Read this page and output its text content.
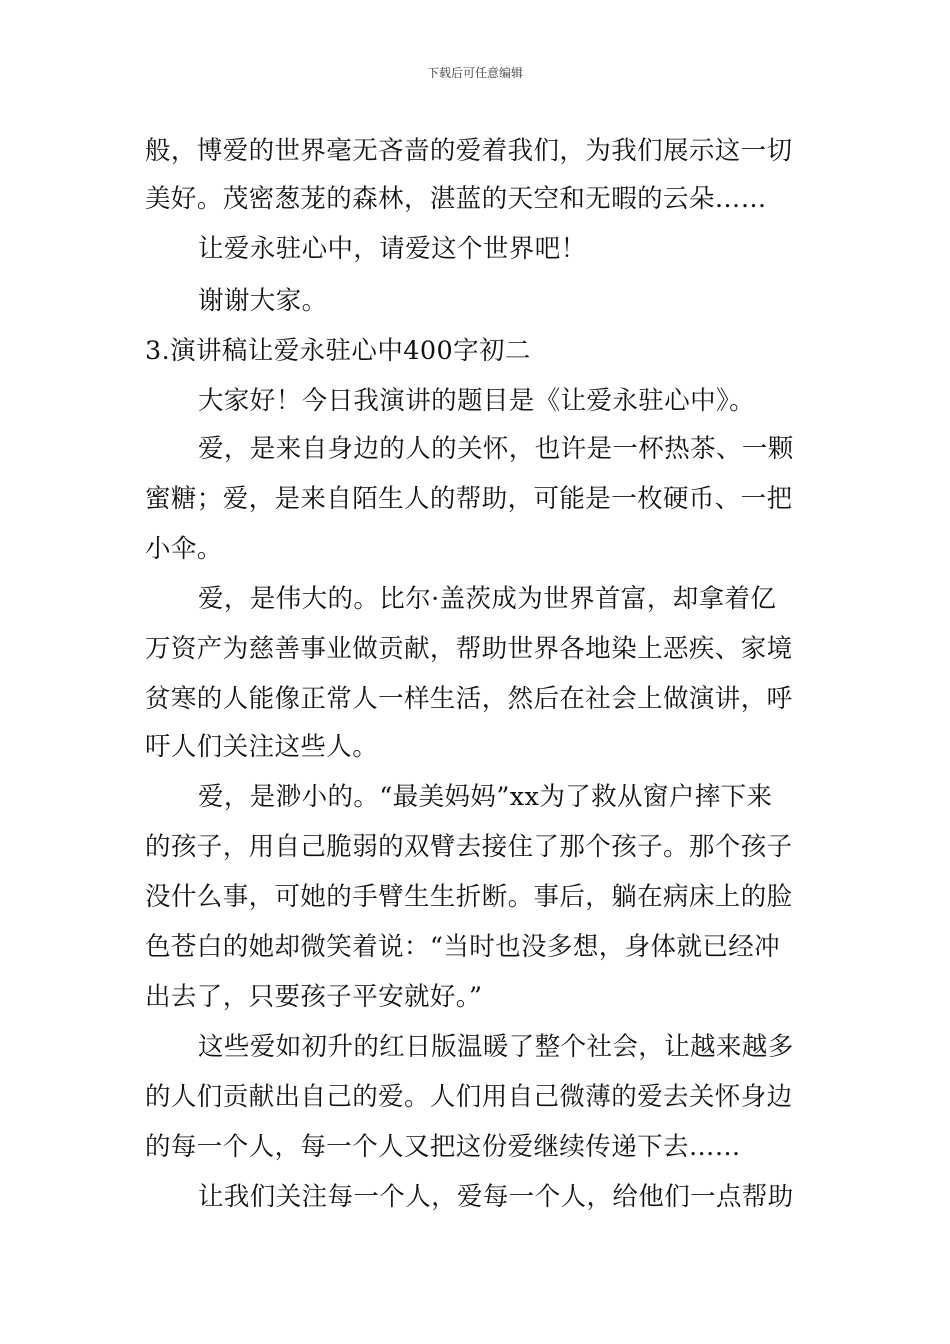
下载后可任意编辑
般，博爱的世界毫无吝啬的爱着我们，为我们展示这一切
美好。茂密葱茏的森林，湛蓝的天空和无暇的云朵……
让爱永驻心中，请爱这个世界吧！
谢谢大家。
3.演讲稿让爱永驻心中400字初二
大家好！今日我演讲的题目是《让爱永驻心中》。
爱，是来自身边的人的关怀，也许是一杯热茶、一颗
蜜糖；爱，是来自陌生人的帮助，可能是一枚硬币、一把
小伞。
爱，是伟大的。比尔·盖茨成为世界首富，却拿着亿
万资产为慈善事业做贡献，帮助世界各地染上恶疾、家境
贫寒的人能像正常人一样生活，然后在社会上做演讲，呼
吁人们关注这些人。
爱，是渺小的。“最美妈妈”xx为了救从窗户摔下来
的孩子，用自己脆弱的双臂去接住了那个孩子。那个孩子
没什么事，可她的手臂生生折断。事后，躺在病床上的脸
色苍白的她却微笑着说：“当时也没多想，身体就已经冲
出去了，只要孩子平安就好。”
这些爱如初升的红日版温暖了整个社会，让越来越多
的人们贡献出自己的爱。人们用自己微薄的爱去关怀身边
的每一个人，每一个人又把这份爱继续传递下去……
让我们关注每一个人，爱每一个人，给他们一点帮助
